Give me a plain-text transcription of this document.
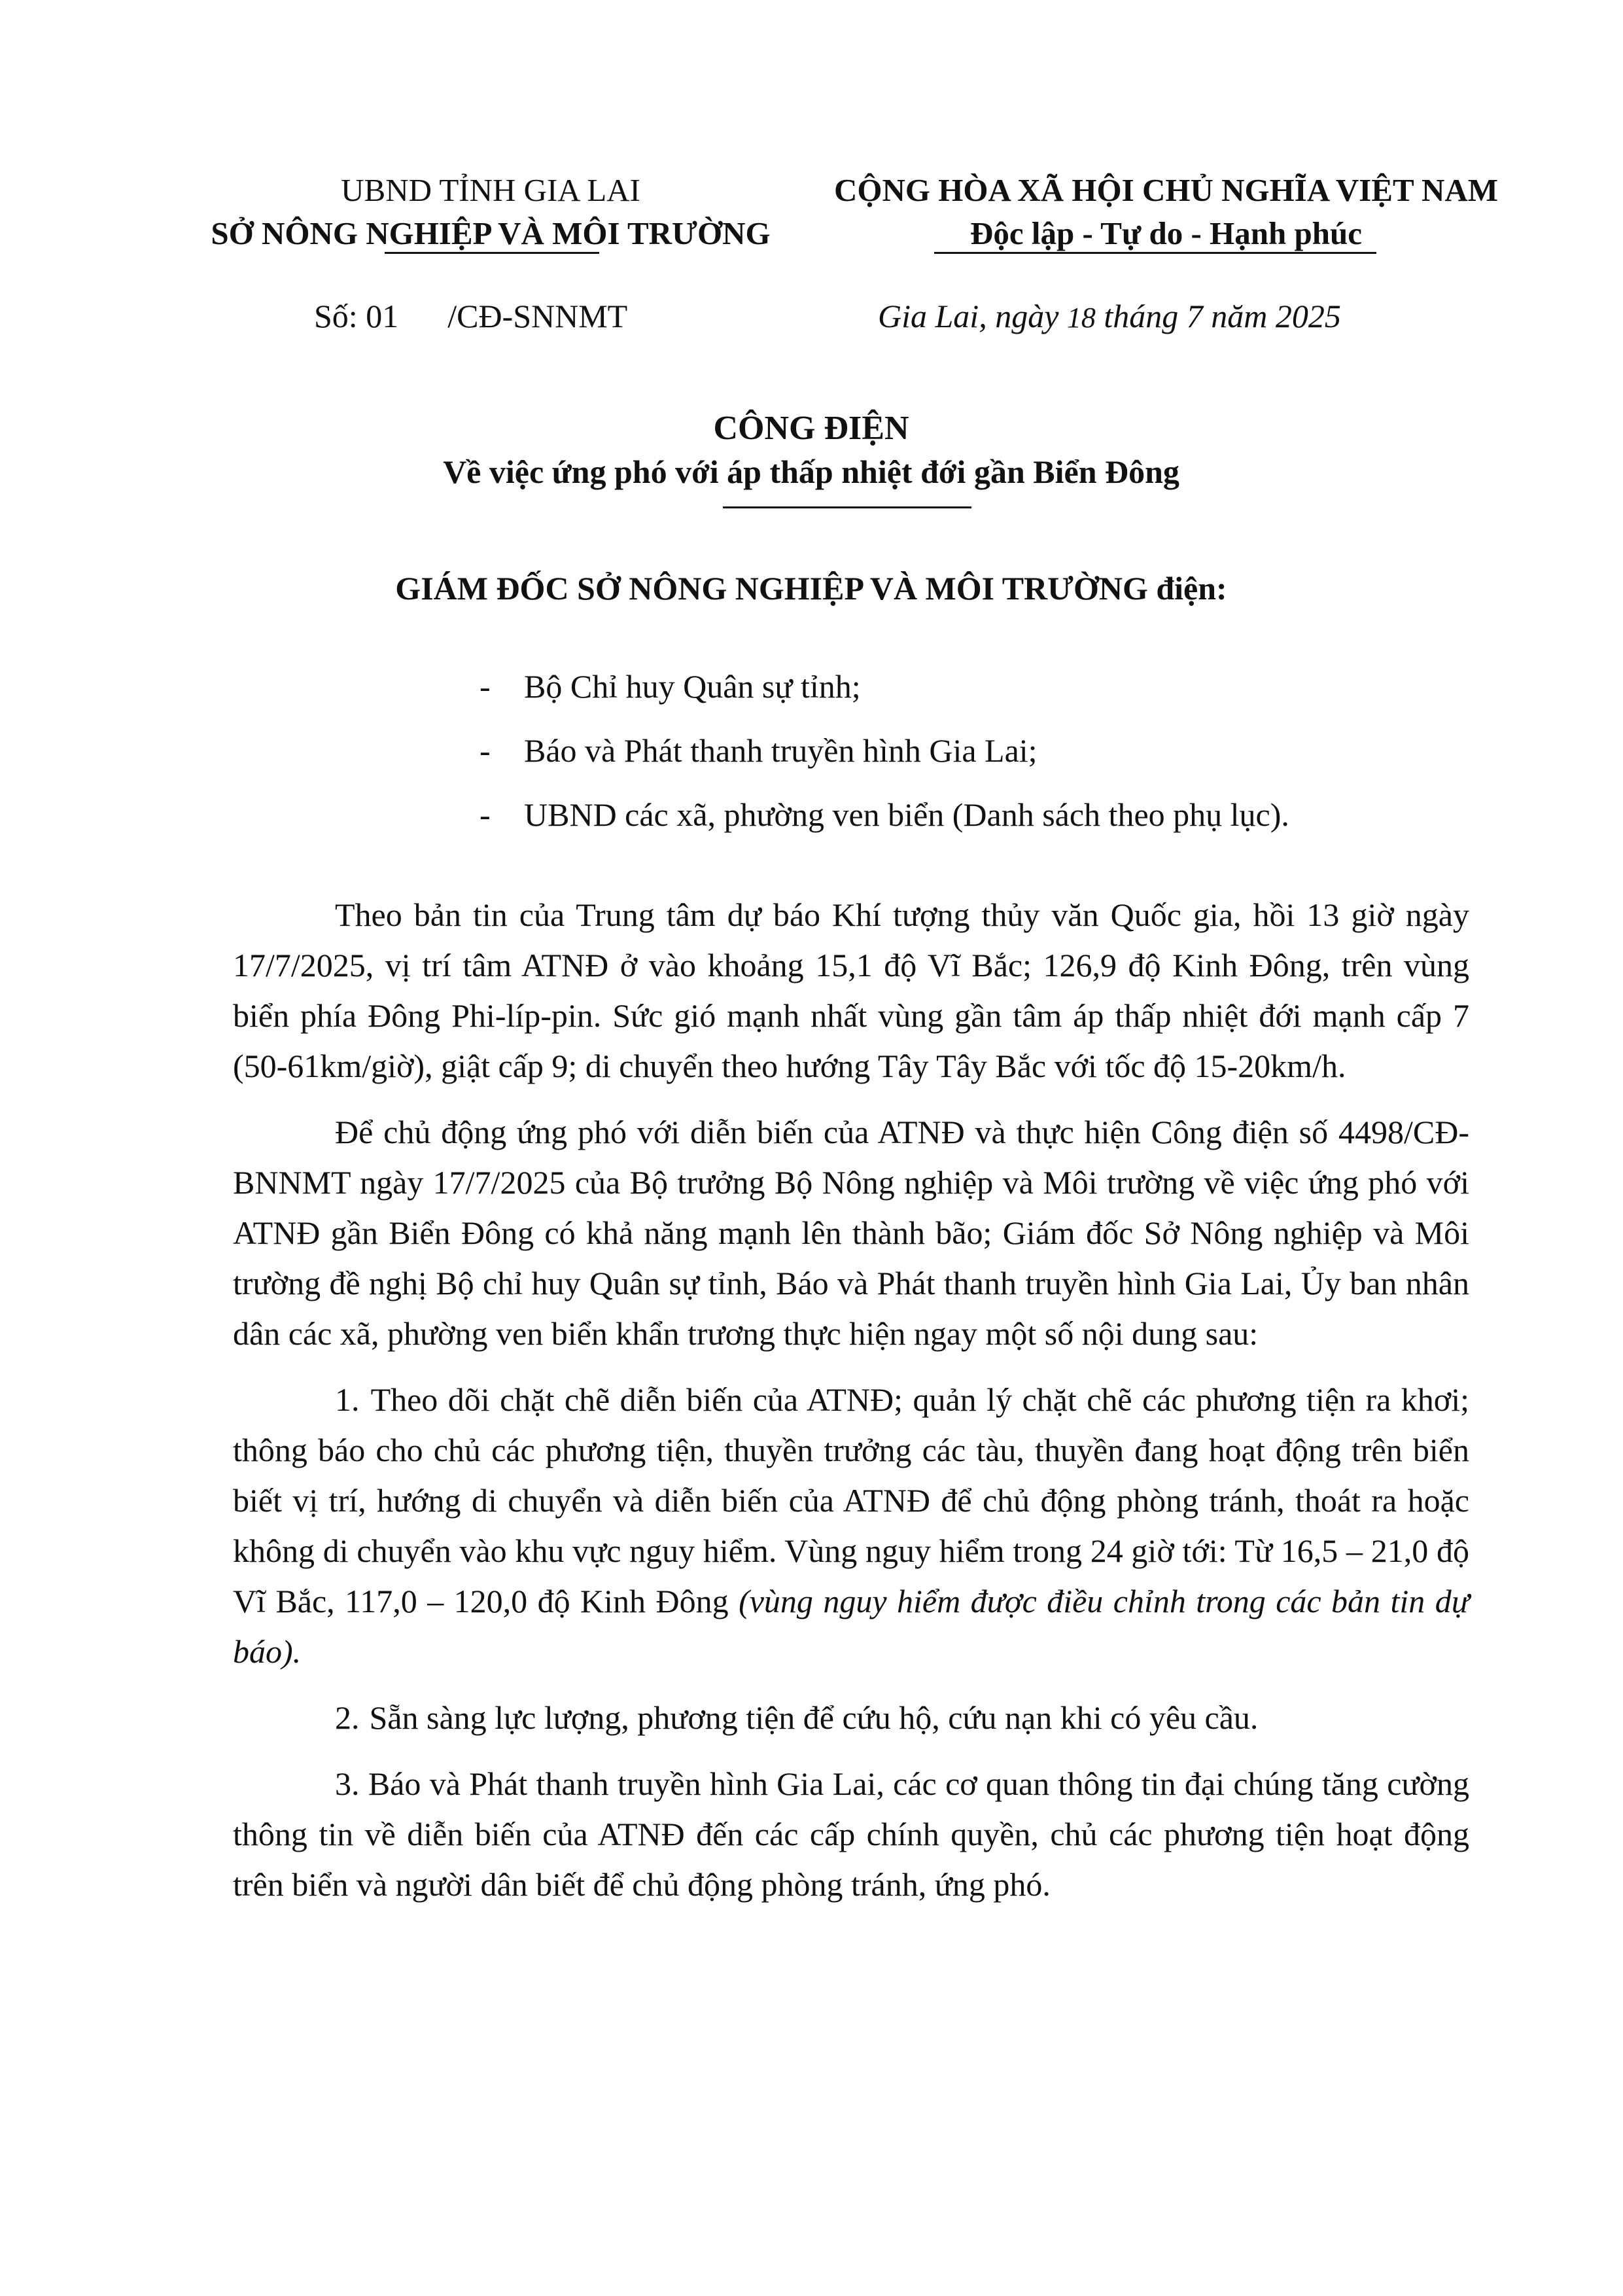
UBND TỈNH GIA LAI
SỞ NÔNG NGHIỆP VÀ MÔI TRƯỜNG
CỘNG HÒA XÃ HỘI CHỦ NGHĨA VIỆT NAM
Độc lập - Tự do - Hạnh phúc
Số: 01      /CĐ-SNNMT	Gia Lai, ngày 18 tháng 7 năm 2025
CÔNG ĐIỆN
Về việc ứng phó với áp thấp nhiệt đới gần Biển Đông
GIÁM ĐỐC SỞ NÔNG NGHIỆP VÀ MÔI TRƯỜNG điện:
- Bộ Chỉ huy Quân sự tỉnh;
- Báo và Phát thanh truyền hình Gia Lai;
- UBND các xã, phường ven biển (Danh sách theo phụ lục).

Theo bản tin của Trung tâm dự báo Khí tượng thủy văn Quốc gia, hồi 13 giờ ngày 17/7/2025, vị trí tâm ATNĐ ở vào khoảng 15,1 độ Vĩ Bắc; 126,9 độ Kinh Đông, trên vùng biển phía Đông Phi-líp-pin. Sức gió mạnh nhất vùng gần tâm áp thấp nhiệt đới mạnh cấp 7 (50-61km/giờ), giật cấp 9; di chuyển theo hướng Tây Tây Bắc với tốc độ 15-20km/h.

Để chủ động ứng phó với diễn biến của ATNĐ và thực hiện Công điện số 4498/CĐ-BNNMT ngày 17/7/2025 của Bộ trưởng Bộ Nông nghiệp và Môi trường về việc ứng phó với ATNĐ gần Biển Đông có khả năng mạnh lên thành bão; Giám đốc Sở Nông nghiệp và Môi trường đề nghị Bộ chỉ huy Quân sự tỉnh, Báo và Phát thanh truyền hình Gia Lai, Ủy ban nhân dân các xã, phường ven biển khẩn trương thực hiện ngay một số nội dung sau:

1. Theo dõi chặt chẽ diễn biến của ATNĐ; quản lý chặt chẽ các phương tiện ra khơi; thông báo cho chủ các phương tiện, thuyền trưởng các tàu, thuyền đang hoạt động trên biển biết vị trí, hướng di chuyển và diễn biến của ATNĐ để chủ động phòng tránh, thoát ra hoặc không di chuyển vào khu vực nguy hiểm. Vùng nguy hiểm trong 24 giờ tới: Từ 16,5 – 21,0 độ Vĩ Bắc, 117,0 – 120,0 độ Kinh Đông (vùng nguy hiểm được điều chỉnh trong các bản tin dự báo).

2. Sẵn sàng lực lượng, phương tiện để cứu hộ, cứu nạn khi có yêu cầu.

3. Báo và Phát thanh truyền hình Gia Lai, các cơ quan thông tin đại chúng tăng cường thông tin về diễn biến của ATNĐ đến các cấp chính quyền, chủ các phương tiện hoạt động trên biển và người dân biết để chủ động phòng tránh, ứng phó.
